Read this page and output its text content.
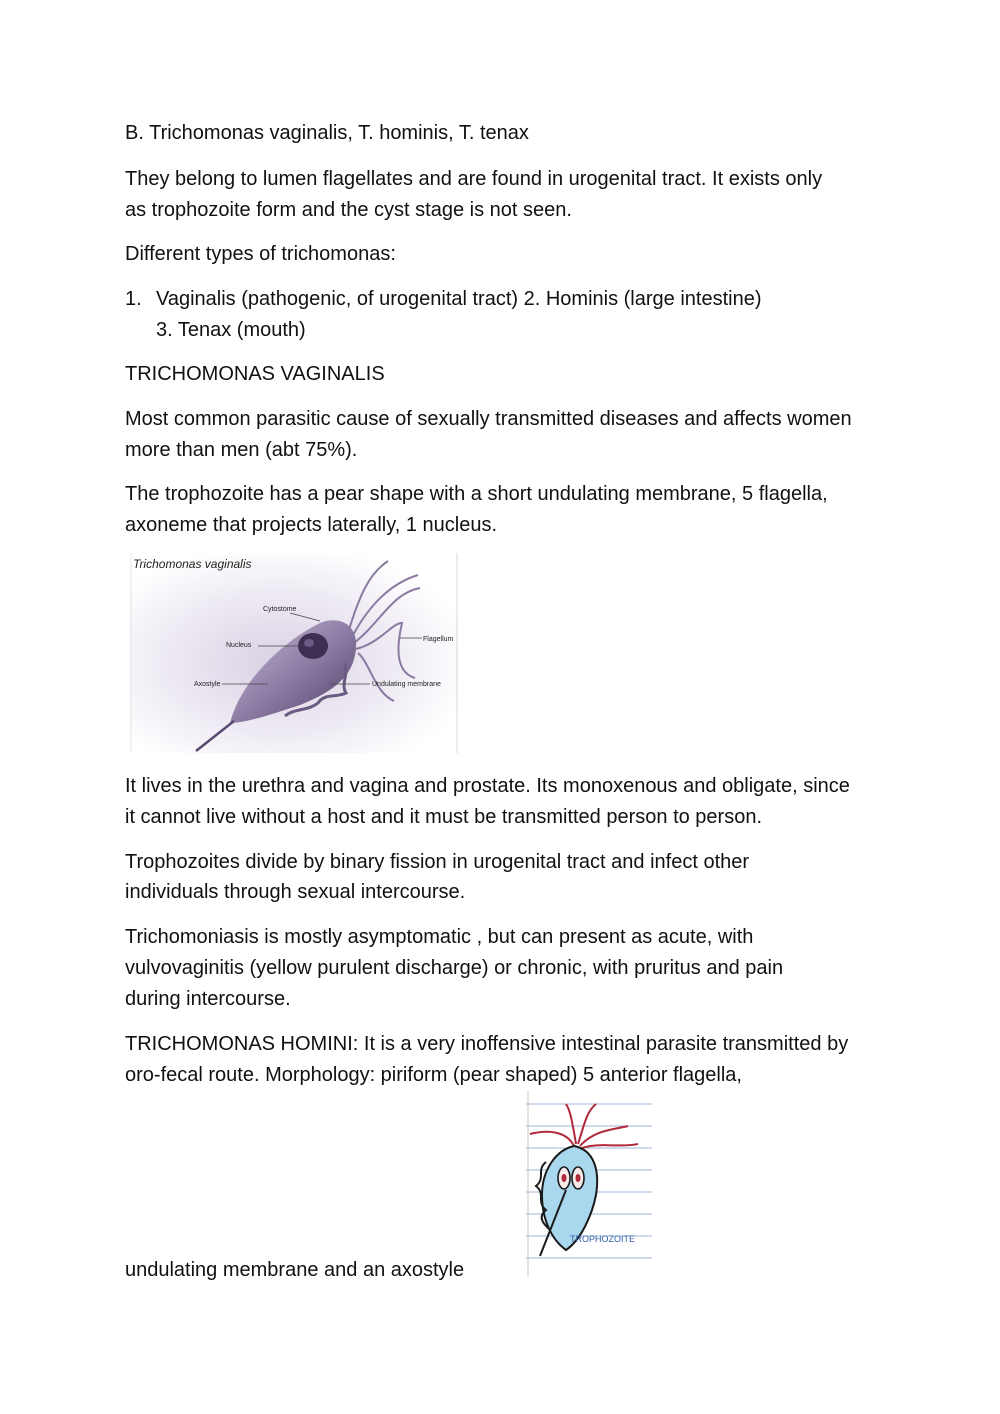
B. Trichomonas vaginalis, T. hominis, T. tenax

They belong to lumen flagellates and are found in urogenital tract. It exists only

as trophozoite form and the cyst stage is not seen.

Different types of trichomonas:

1. Vaginalis (pathogenic, of urogenital tract) 2. Hominis (large intestine)

3. Tenax (mouth)

TRICHOMONAS VAGINALIS

Most common parasitic cause of sexually transmitted diseases and affects women

more than men (abt 75%).

The trophozoite has a pear shape with a short undulating membrane, 5 flagella,

axoneme that projects laterally, 1 nucleus.

Trichomonas vaginalis
Cytostome
Nucleus
Flagellum
Axostyle	Undulating membrane

It lives in the urethra and vagina and prostate. Its monoxenous and obligate, since

it cannot live without a host and it must be transmitted person to person.

Trophozoites divide by binary fission in urogenital tract and infect other

individuals through sexual intercourse.

Trichomoniasis is mostly asymptomatic , but can present as acute, with

vulvovaginitis (yellow purulent discharge) or chronic, with pruritus and pain

during intercourse.

TRICHOMONAS HOMINI: It is a very inoffensive intestinal parasite transmitted by

oro-fecal route. Morphology: piriform (pear shaped) 5 anterior flagella,

TROPHOZOITE

undulating membrane and an axostyle
